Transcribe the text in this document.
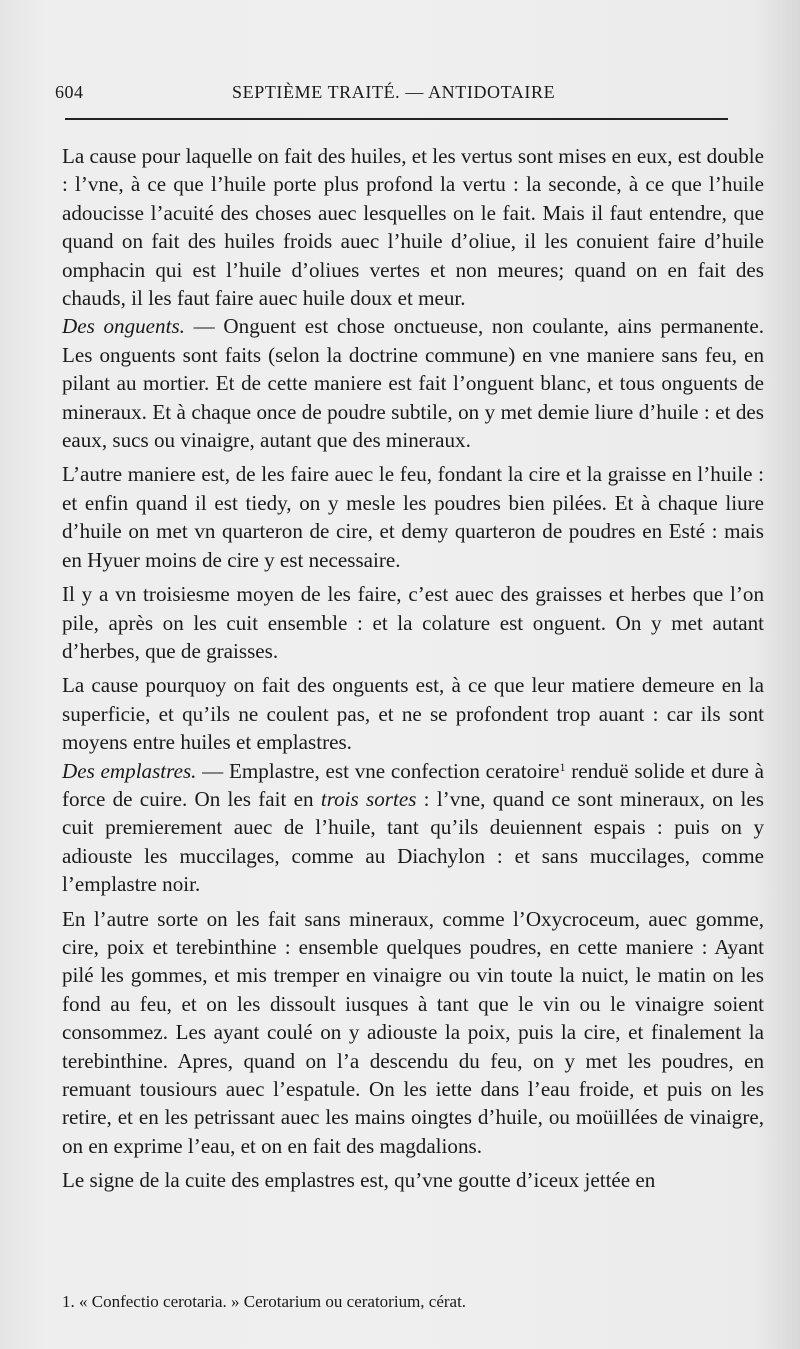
604	SEPTIÈME TRAITÉ. — ANTIDOTAIRE

La cause pour laquelle on fait des huiles, et les vertus sont mises en eux, est double : l’vne, à ce que l’huile porte plus profond la vertu : la seconde, à ce que l’huile adoucisse l’acuité des choses auec lesquelles on le fait. Mais il faut entendre, que quand on fait des huiles froids auec l’huile d’oliue, il les conuient faire d’huile omphacin qui est l’huile d’oliues vertes et non meures; quand on en fait des chauds, il les faut faire auec huile doux et meur.

Des onguents. — Onguent est chose onctueuse, non coulante, ains permanente. Les onguents sont faits (selon la doctrine commune) en vne maniere sans feu, en pilant au mortier. Et de cette maniere est fait l’onguent blanc, et tous onguents de mineraux. Et à chaque once de poudre subtile, on y met demie liure d’huile : et des eaux, sucs ou vinaigre, autant que des mineraux.

L’autre maniere est, de les faire auec le feu, fondant la cire et la graisse en l’huile : et enfin quand il est tiedy, on y mesle les poudres bien pilées. Et à chaque liure d’huile on met vn quarteron de cire, et demy quarteron de poudres en Esté : mais en Hyuer moins de cire y est necessaire.

Il y a vn troisiesme moyen de les faire, c’est auec des graisses et herbes que l’on pile, après on les cuit ensemble : et la colature est onguent. On y met autant d’herbes, que de graisses.

La cause pourquoy on fait des onguents est, à ce que leur matiere demeure en la superficie, et qu’ils ne coulent pas, et ne se profondent trop auant : car ils sont moyens entre huiles et emplastres.

Des emplastres. — Emplastre, est vne confection ceratoire$^1$ renduë solide et dure à force de cuire. On les fait en trois sortes : l’vne, quand ce sont mineraux, on les cuit premierement auec de l’huile, tant qu’ils deuiennent espais : puis on y adiouste les muccilages, comme au Diachylon : et sans muccilages, comme l’emplastre noir.

En l’autre sorte on les fait sans mineraux, comme l’Oxycroceum, auec gomme, cire, poix et terebinthine : ensemble quelques poudres, en cette maniere : Ayant pilé les gommes, et mis tremper en vinaigre ou vin toute la nuict, le matin on les fond au feu, et on les dissoult iusques à tant que le vin ou le vinaigre soient consommez. Les ayant coulé on y adiouste la poix, puis la cire, et finalement la terebinthine. Apres, quand on l’a descendu du feu, on y met les poudres, en remuant tousiours auec l’espatule. On les iette dans l’eau froide, et puis on les retire, et en les petrissant auec les mains oingtes d’huile, ou moüillées de vinaigre, on en exprime l’eau, et on en fait des magdalions.

Le signe de la cuite des emplastres est, qu’vne goutte d’iceux jettée en

1. « Confectio cerotaria. » Cerotarium ou ceratorium, cérat.
